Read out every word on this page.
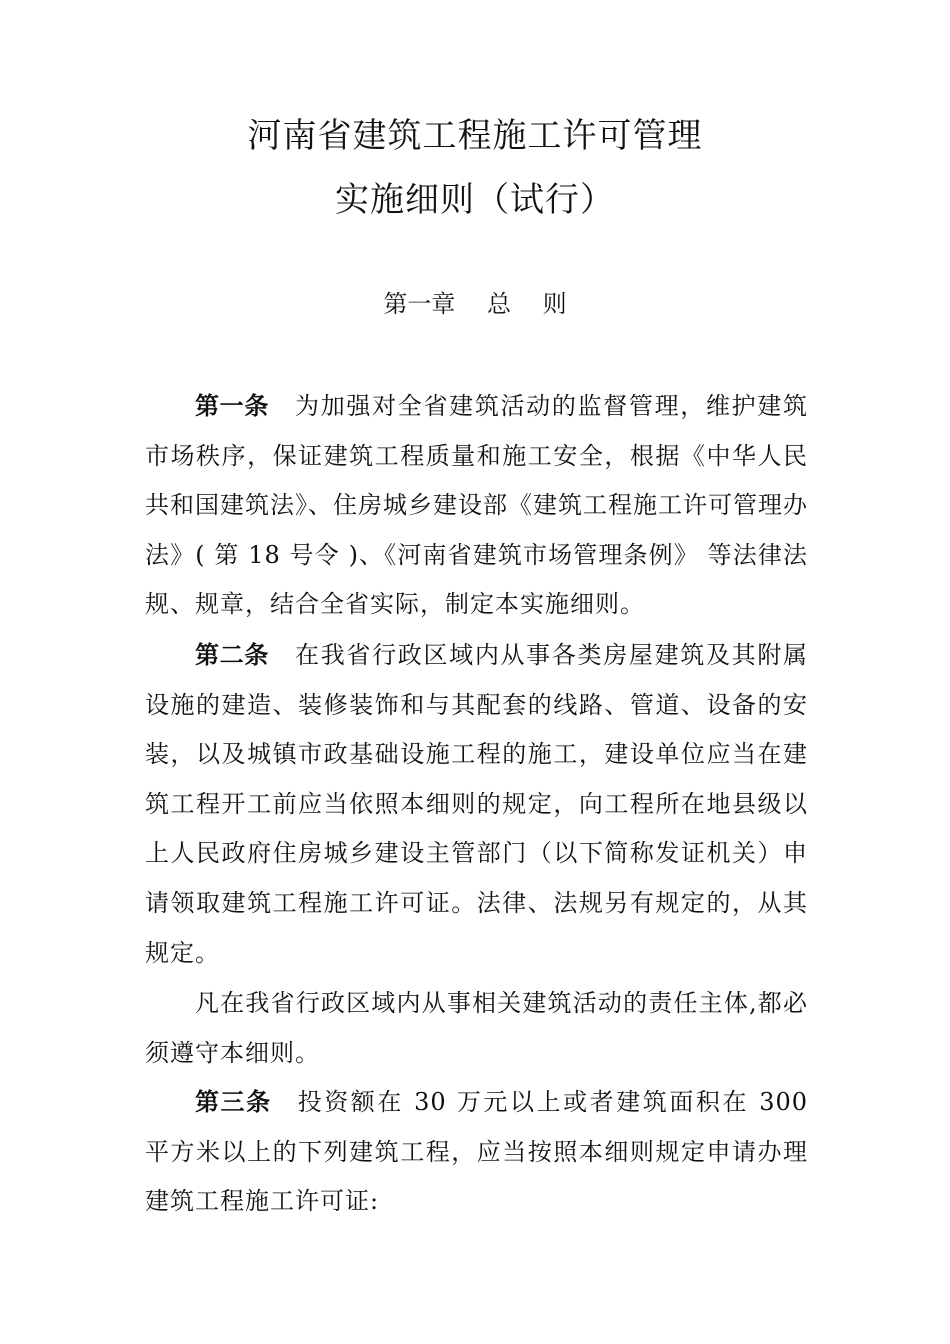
河南省建筑工程施工许可管理
实施细则（试行）
第一章　 总　 则

第一条 为加强对全省建筑活动的监督管理，维护建筑市场秩序，保证建筑工程质量和施工安全，根据《中华人民共和国建筑法》、住房城乡建设部《建筑工程施工许可管理办法》( 第 18 号令 )、《河南省建筑市场管理条例》 等法律法规、规章，结合全省实际，制定本实施细则。

第二条 在我省行政区域内从事各类房屋建筑及其附属设施的建造、装修装饰和与其配套的线路、管道、设备的安装，以及城镇市政基础设施工程的施工，建设单位应当在建筑工程开工前应当依照本细则的规定，向工程所在地县级以上人民政府住房城乡建设主管部门（以下简称发证机关）申请领取建筑工程施工许可证。法律、法规另有规定的，从其规定。

凡在我省行政区域内从事相关建筑活动的责任主体,都必须遵守本细则。

第三条 投资额在 30 万元以上或者建筑面积在 300 平方米以上的下列建筑工程，应当按照本细则规定申请办理建筑工程施工许可证:
